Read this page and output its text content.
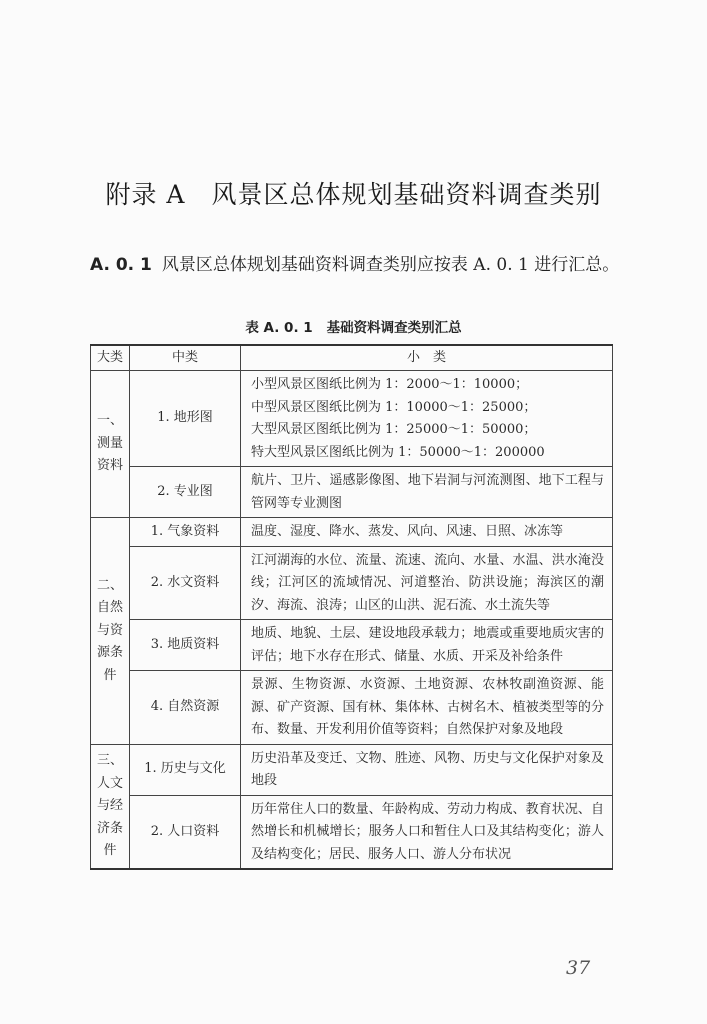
附录 A　风景区总体规划基础资料调查类别
A. 0. 1 风景区总体规划基础资料调查类别应按表 A. 0. 1 进行汇总。
表 A. 0. 1 基础资料调查类别汇总
大类	中类	小　类
一、测量资料	1. 地形图	小型风景区图纸比例为 1：2000～1：10000；
中型风景区图纸比例为 1：10000～1：25000；
大型风景区图纸比例为 1：25000～1：50000；
特大型风景区图纸比例为 1：50000～1：200000

	2. 专业图	航片、卫片、遥感影像图、地下岩洞与河流测图、地下工程与管网等专业测图
二、自然与资源条件	1. 气象资料	温度、湿度、降水、蒸发、风向、风速、日照、冰冻等
	2. 水文资料	江河湖海的水位、流量、流速、流向、水量、水温、洪水淹没线；江河区的流域情况、河道整治、防洪设施；海滨区的潮汐、海流、浪涛；山区的山洪、泥石流、水土流失等
	3. 地质资料	地质、地貌、土层、建设地段承载力；地震或重要地质灾害的评估；地下水存在形式、储量、水质、开采及补给条件
	4. 自然资源	景源、生物资源、水资源、土地资源、农林牧副渔资源、能源、矿产资源、国有林、集体林、古树名木、植被类型等的分布、数量、开发利用价值等资料；自然保护对象及地段
三、人文与经济条件	1. 历史与文化	历史沿革及变迁、文物、胜迹、风物、历史与文化保护对象及地段
	2. 人口资料	历年常住人口的数量、年龄构成、劳动力构成、教育状况、自然增长和机械增长；服务人口和暂住人口及其结构变化；游人及结构变化；居民、服务人口、游人分布状况
37
